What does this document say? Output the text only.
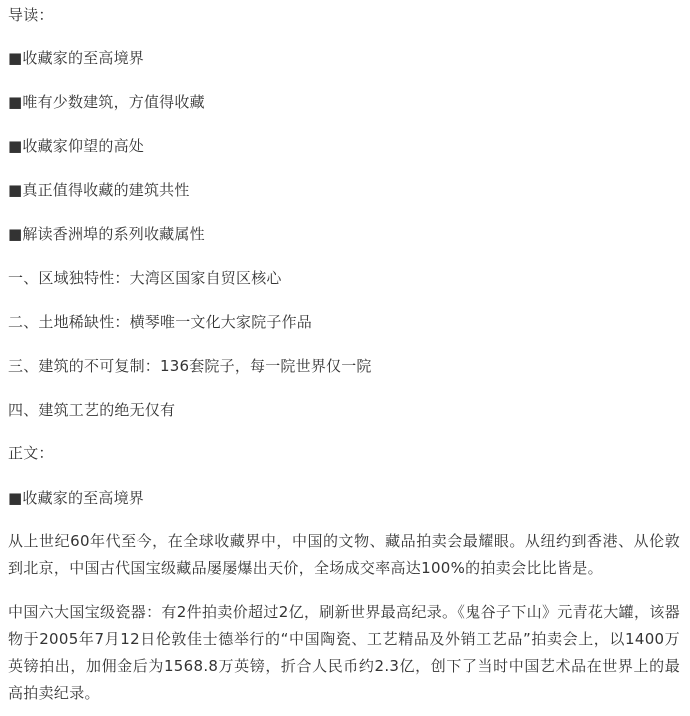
导读：
■收藏家的至高境界
■唯有少数建筑，方值得收藏
■收藏家仰望的高处
■真正值得收藏的建筑共性
■解读香洲埠的系列收藏属性
一、区域独特性：大湾区国家自贸区核心
二、土地稀缺性：横琴唯一文化大家院子作品
三、建筑的不可复制：136套院子，每一院世界仅一院
四、建筑工艺的绝无仅有
正文：
■收藏家的至高境界
从上世纪60年代至今，在全球收藏界中，中国的文物、藏品拍卖会最耀眼。从纽约到香港、从伦敦到北京，中国古代国宝级藏品屡屡爆出天价，全场成交率高达100%的拍卖会比比皆是。
中国六大国宝级瓷器：有2件拍卖价超过2亿，刷新世界最高纪录。《鬼谷子下山》元青花大罐，该器物于2005年7月12日伦敦佳士德举行的“中国陶瓷、工艺精品及外销工艺品”拍卖会上，以1400万英镑拍出，加佣金后为1568.8万英镑，折合人民币约2.3亿，创下了当时中国艺术品在世界上的最高拍卖纪录。
